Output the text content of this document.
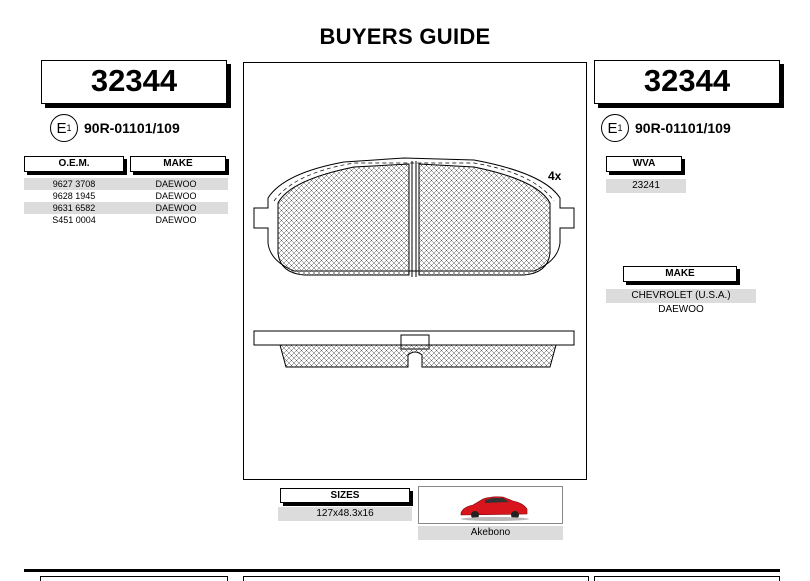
BUYERS GUIDE
32344
E 1 90R-01101/109
O.E.M.	MAKE
9627 3708	DAEWOO
9628 1945	DAEWOO
9631 6582	DAEWOO
S451 0004	DAEWOO
4x
32344
E 1 90R-01101/109
WVA
23241
MAKE
CHEVROLET (U.S.A.)
DAEWOO
SIZES
127x48.3x16
Akebono
